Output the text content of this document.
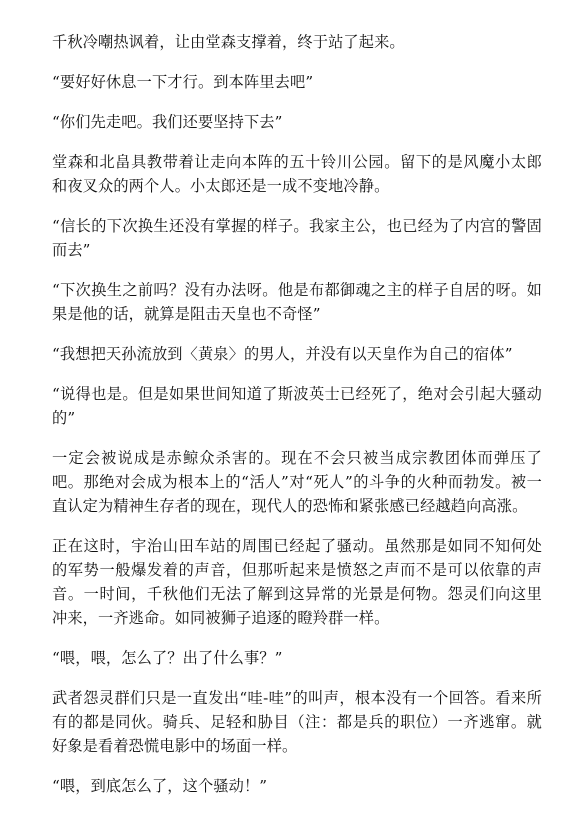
千秋冷嘲热讽着，让由堂森支撑着，终于站了起来。

“要好好休息一下才行。到本阵里去吧”

“你们先走吧。我们还要坚持下去”

堂森和北畠具教带着让走向本阵的五十铃川公园。留下的是风魔小太郎和夜叉众的两个人。小太郎还是一成不变地冷静。

“信长的下次换生还没有掌握的样子。我家主公，也已经为了内宫的警固而去”

“下次换生之前吗？没有办法呀。他是布都御魂之主的样子自居的呀。如果是他的话，就算是阻击天皇也不奇怪”

“我想把天孙流放到〈黄泉〉的男人，并没有以天皇作为自己的宿体”

“说得也是。但是如果世间知道了斯波英士已经死了，绝对会引起大骚动的”

一定会被说成是赤鲸众杀害的。现在不会只被当成宗教团体而弹压了吧。那绝对会成为根本上的“活人”对“死人”的斗争的火种而勃发。被一直认定为精神生存者的现在，现代人的恐怖和紧张感已经越趋向高涨。

正在这时，宇治山田车站的周围已经起了骚动。虽然那是如同不知何处的军势一般爆发着的声音，但那听起来是愤怒之声而不是可以依靠的声音。一时间，千秋他们无法了解到这异常的光景是何物。怨灵们向这里冲来，一齐逃命。如同被狮子追逐的瞪羚群一样。

“喂，喂，怎么了？出了什么事？”

武者怨灵群们只是一直发出“哇-哇”的叫声，根本没有一个回答。看来所有的都是同伙。骑兵、足轻和胁目（注：都是兵的职位）一齐逃窜。就好象是看着恐慌电影中的场面一样。

“喂，到底怎么了，这个骚动！”
